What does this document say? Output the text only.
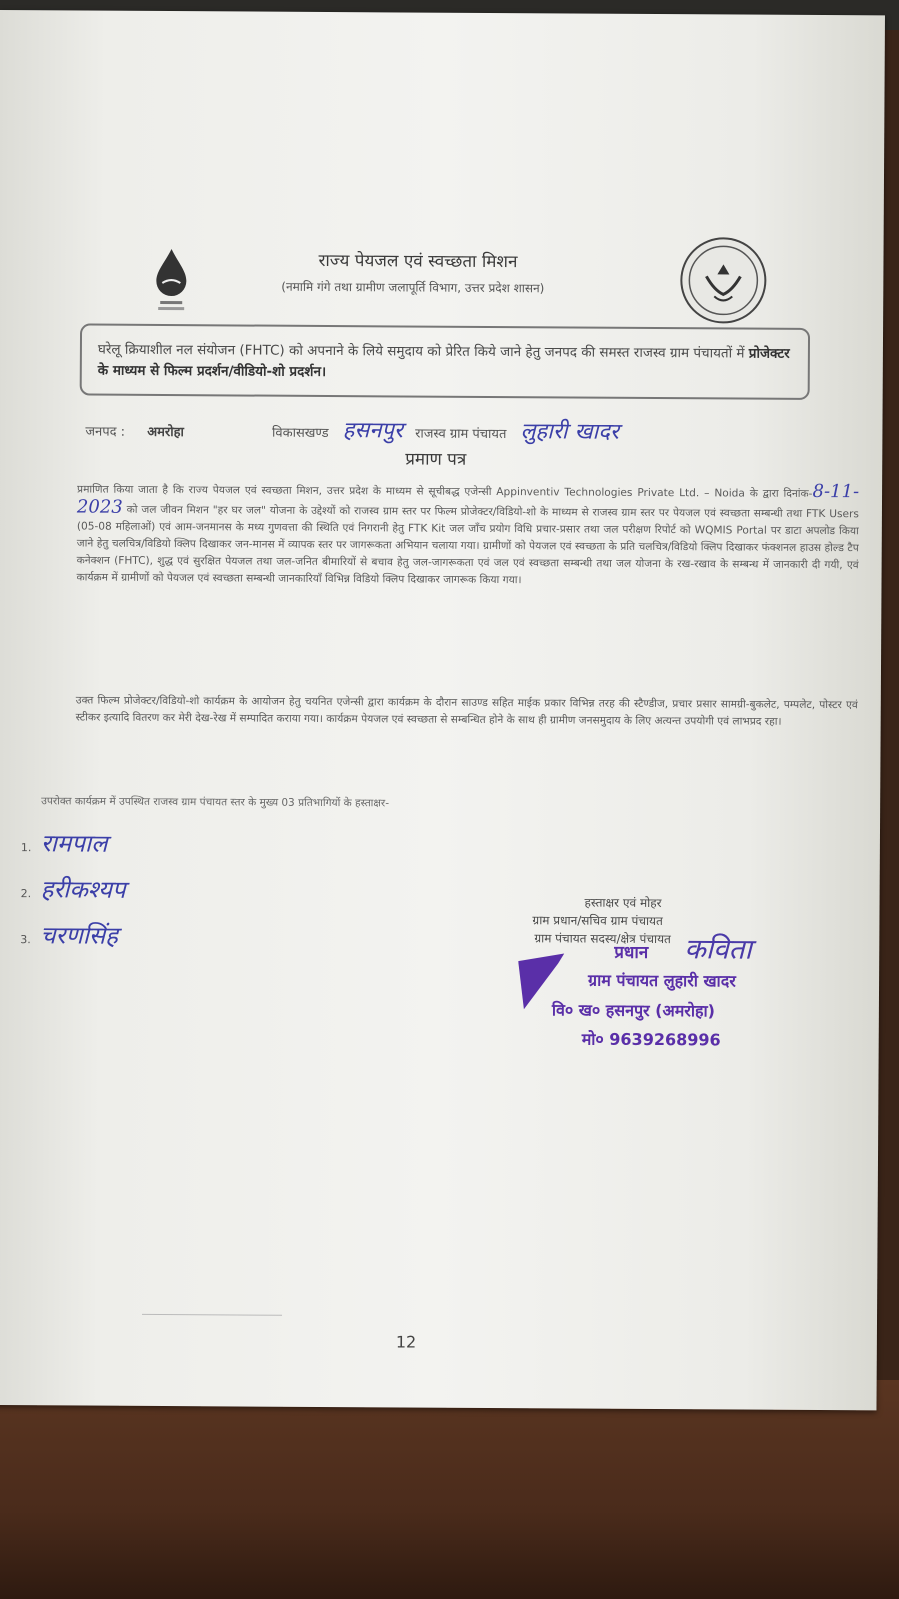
राज्य पेयजल एवं स्वच्छता मिशन
(नमामि गंगे तथा ग्रामीण जलापूर्ति विभाग, उत्तर प्रदेश शासन)
घरेलू क्रियाशील नल संयोजन (FHTC) को अपनाने के लिये समुदाय को प्रेरित किये जाने हेतु जनपद की समस्त राजस्व ग्राम पंचायतों में प्रोजेक्टर के माध्यम से फिल्म प्रदर्शन/वीडियो-शो प्रदर्शन।
जनपद : अमरोहा	विकासखण्ड हसनपुर राजस्व ग्राम पंचायत लुहारी खादर
प्रमाण पत्र
प्रमाणित किया जाता है कि राज्य पेयजल एवं स्वच्छता मिशन, उत्तर प्रदेश के माध्यम से सूचीबद्ध एजेन्सी Appinventiv Technologies Private Ltd. – Noida के द्वारा दिनांक-8-11-2023 को जल जीवन मिशन "हर घर जल" योजना के उद्देश्यों को राजस्व ग्राम स्तर पर फिल्म प्रोजेक्टर/विडियो-शो के माध्यम से राजस्व ग्राम स्तर पर पेयजल एवं स्वच्छता सम्बन्धी तथा FTK Users (05-08 महिलाओं) एवं आम-जनमानस के मध्य गुणवत्ता की स्थिति एवं निगरानी हेतु FTK Kit जल जाँच प्रयोग विधि प्रचार-प्रसार तथा जल परीक्षण रिपोर्ट को WQMIS Portal पर डाटा अपलोड किया जाने हेतु चलचित्र/विडियो क्लिप दिखाकर जन-मानस में व्यापक स्तर पर जागरूकता अभियान चलाया गया। ग्रामीणों को पेयजल एवं स्वच्छता के प्रति चलचित्र/विडियो क्लिप दिखाकर फंक्शनल हाउस होल्ड टैप कनेक्शन (FHTC), शुद्ध एवं सुरक्षित पेयजल तथा जल-जनित बीमारियों से बचाव हेतु जल-जागरूकता एवं जल एवं स्वच्छता सम्बन्धी तथा जल योजना के रख-रखाव के सम्बन्ध में जानकारी दी गयी, एवं कार्यक्रम में ग्रामीणों को पेयजल एवं स्वच्छता सम्बन्धी जानकारियाँ विभिन्न विडियो क्लिप दिखाकर जागरूक किया गया।
उक्त फिल्म प्रोजेक्टर/विडियो-शो कार्यक्रम के आयोजन हेतु चयनित एजेन्सी द्वारा कार्यक्रम के दौरान साउण्ड सहित माईक प्रकार विभिन्न तरह की स्टैण्डीज, प्रचार प्रसार सामग्री-बुकलेट, पम्पलेट, पोस्टर एवं स्टीकर इत्यादि वितरण कर मेरी देख-रेख में सम्पादित कराया गया। कार्यक्रम पेयजल एवं स्वच्छता से सम्बन्धित होने के साथ ही ग्रामीण जनसमुदाय के लिए अत्यन्त उपयोगी एवं लाभप्रद रहा।
उपरोक्त कार्यक्रम में उपस्थित राजस्व ग्राम पंचायत स्तर के मुख्य 03 प्रतिभागियों के हस्ताक्षर-
1. रामपाल
2. हरीकश्यप
3. चरणसिंह
हस्ताक्षर एवं मोहर
ग्राम प्रधान/सचिव ग्राम पंचायत
ग्राम पंचायत सदस्य/क्षेत्र पंचायत
प्रधान कविता
ग्राम पंचायत लुहारी खादर
वि० ख० हसनपुर (अमरोहा)
मो० 9639268996
12
